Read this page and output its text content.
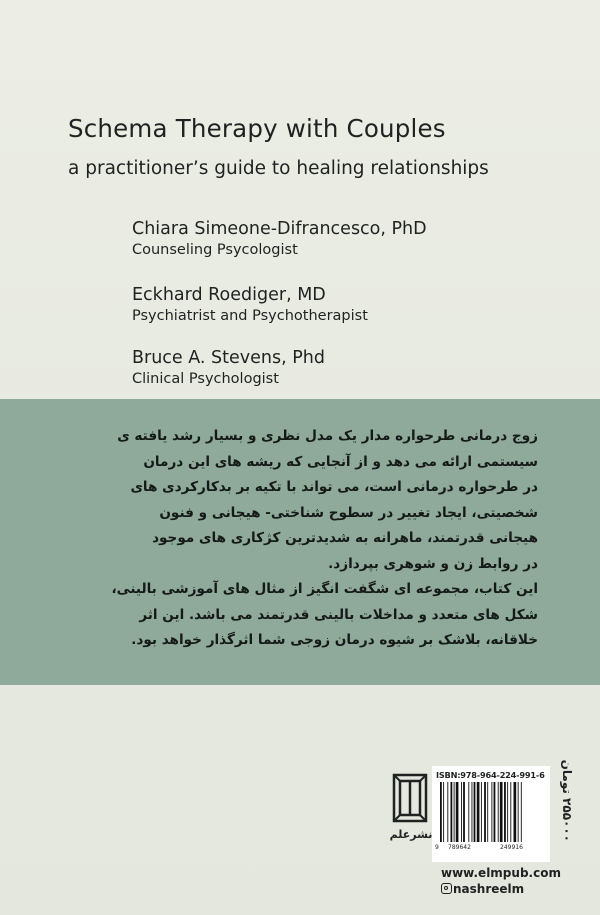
Schema Therapy with Couples
a practitioner’s guide to healing relationships
Chiara Simeone-Difrancesco, PhD
Counseling Psycologist
Eckhard Roediger, MD
Psychiatrist and Psychotherapist
Bruce A. Stevens, Phd
Clinical Psychologist

زوج درمانی طرحواره مدار یک مدل نظری و بسیار رشد یافته ی

سیستمی ارائه می دهد و از آنجایی که ریشه های این درمان

در طرحواره درمانی است، می تواند با تکیه بر بدکارکردی های

شخصیتی، ایجاد تغییر در سطوح شناختی- هیجانی و فنون

هیجانی قدرتمند، ماهرانه به شدیدترین کژکاری های موجود

در روابط زن و شوهری بپردازد.

این کتاب، مجموعه ای شگفت انگیز از مثال های آموزشی بالینی،

شکل های متعدد و مداخلات بالینی قدرتمند می باشد. این اثر

خلاقانه، بلاشک بر شیوه درمان زوجی شما اثرگذار خواهد بود.

نشرعلم
ISBN:978-964-224-991-6
9 789642	249916
۲۵۵۰۰۰ تومان
www.elmpub.com
nashreelm
